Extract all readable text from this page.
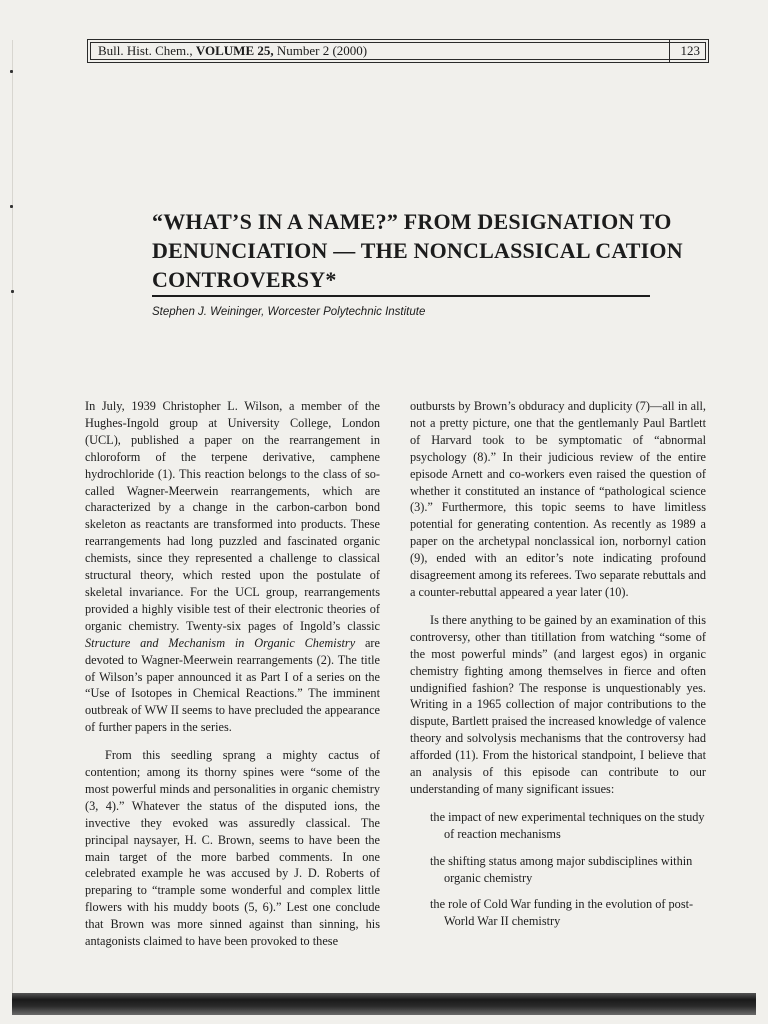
Bull. Hist. Chem., VOLUME 25, Number 2 (2000)	123
“WHAT’S IN A NAME?” FROM DESIGNATION TO DENUNCIATION — THE NONCLASSICAL CATION CONTROVERSY*
Stephen J. Weininger, Worcester Polytechnic Institute

In July, 1939 Christopher L. Wilson, a member of the Hughes-Ingold group at University College, London (UCL), published a paper on the rearrangement in chloroform of the terpene derivative, camphene hydrochloride (1). This reaction belongs to the class of so-called Wagner-Meerwein rearrangements, which are characterized by a change in the carbon-carbon bond skeleton as reactants are transformed into products. These rearrangements had long puzzled and fascinated organic chemists, since they represented a challenge to classical structural theory, which rested upon the postulate of skeletal invariance. For the UCL group, rearrangements provided a highly visible test of their electronic theories of organic chemistry. Twenty-six pages of Ingold’s classic Structure and Mechanism in Organic Chemistry are devoted to Wagner-Meerwein rearrangements (2). The title of Wilson’s paper announced it as Part I of a series on the “Use of Isotopes in Chemical Reactions.” The imminent outbreak of WW II seems to have precluded the appearance of further papers in the series.

From this seedling sprang a mighty cactus of contention; among its thorny spines were “some of the most powerful minds and personalities in organic chemistry (3, 4).” Whatever the status of the disputed ions, the invective they evoked was assuredly classical. The principal naysayer, H. C. Brown, seems to have been the main target of the more barbed comments. In one celebrated example he was accused by J. D. Roberts of preparing to “trample some wonderful and complex little flowers with his muddy boots (5, 6).” Lest one conclude that Brown was more sinned against than sinning, his antagonists claimed to have been provoked to these

outbursts by Brown’s obduracy and duplicity (7)—all in all, not a pretty picture, one that the gentlemanly Paul Bartlett of Harvard took to be symptomatic of “abnormal psychology (8).” In their judicious review of the entire episode Arnett and co-workers even raised the question of whether it constituted an instance of “pathological science (3).” Furthermore, this topic seems to have limitless potential for generating contention. As recently as 1989 a paper on the archetypal nonclassical ion, norbornyl cation (9), ended with an editor’s note indicating profound disagreement among its referees. Two separate rebuttals and a counter-rebuttal appeared a year later (10).

Is there anything to be gained by an examination of this controversy, other than titillation from watching “some of the most powerful minds” (and largest egos) in organic chemistry fighting among themselves in fierce and often undignified fashion? The response is unquestionably yes. Writing in a 1965 collection of major contributions to the dispute, Bartlett praised the increased knowledge of valence theory and solvolysis mechanisms that the controversy had afforded (11). From the historical standpoint, I believe that an analysis of this episode can contribute to our understanding of many significant issues:

the impact of new experimental techniques on the study of reaction mechanisms
the shifting status among major subdisciplines within organic chemistry
the role of Cold War funding in the evolution of post-World War II chemistry
